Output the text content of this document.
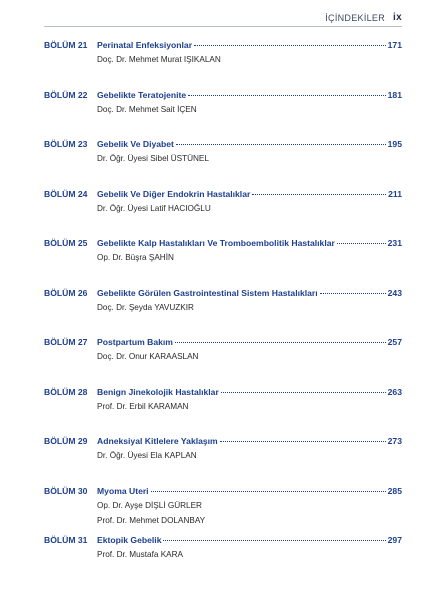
İÇİNDEKİLER ix
BÖLÜM 21 Perinatal Enfeksiyonlar	171
Doç. Dr. Mehmet Murat IŞIKALAN
BÖLÜM 22 Gebelikte Teratojenite	181
Doç. Dr. Mehmet Sait İÇEN
BÖLÜM 23 Gebelik Ve Diyabet	195
Dr. Öğr. Üyesi Sibel ÜSTÜNEL
BÖLÜM 24 Gebelik Ve Diğer Endokrin Hastalıklar	211
Dr. Öğr. Üyesi Latif HACIOĞLU
BÖLÜM 25 Gebelikte Kalp Hastalıkları Ve Tromboembolitik Hastalıklar	231
Op. Dr. Büşra ŞAHİN
BÖLÜM 26 Gebelikte Görülen Gastrointestinal Sistem Hastalıkları	243
Doç. Dr. Şeyda YAVUZKIR
BÖLÜM 27 Postpartum Bakım	257
Doç. Dr. Onur KARAASLAN
BÖLÜM 28 Benign Jinekolojik Hastalıklar	263
Prof. Dr. Erbil KARAMAN
BÖLÜM 29 Adneksiyal Kitlelere Yaklaşım	273
Dr. Öğr. Üyesi Ela KAPLAN
BÖLÜM 30 Myoma Uteri	285
Op. Dr. Ayşe DİŞLİ GÜRLER
Prof. Dr. Mehmet DOLANBAY
BÖLÜM 31 Ektopik Gebelik	297
Prof. Dr. Mustafa KARA
